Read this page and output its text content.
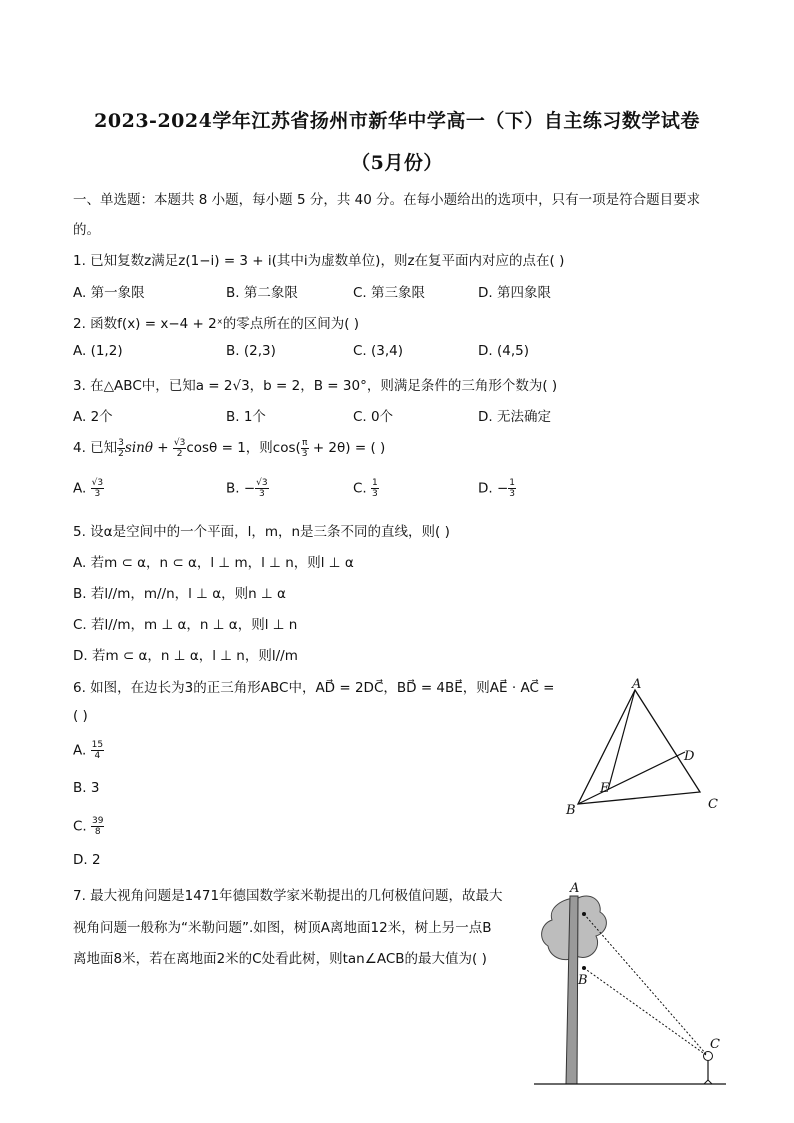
2023-2024学年江苏省扬州市新华中学高一（下）自主练习数学试卷
（5月份）
一、单选题：本题共 8 小题，每小题 5 分，共 40 分。在每小题给出的选项中，只有一项是符合题目要求
的。
1. 已知复数z满足z(1−i) = 3 + i(其中i为虚数单位)，则z在复平面内对应的点在( )
A. 第一象限	B. 第二象限	C. 第三象限	D. 第四象限
2. 函数f(x) = x−4 + 2ˣ的零点所在的区间为( )
A. (1,2)	B. (2,3)	C. (3,4)	D. (4,5)
3. 在△ABC中，已知a = 2√3，b = 2，B = 30°，则满足条件的三角形个数为( )
A. 2个	B. 1个	C. 0个	D. 无法确定
4. 已知 $\frac{3}{2}$ $\sin\theta + \frac{√3}{2}$ cosθ = 1，则$\cos( \frac{\pi}{3} + 2\theta)$ = ( )
A. $\frac{√3}{3}$	B. − $\frac{√3}{3}$	C. $\frac{1}{3}$	D. − $\frac{1}{3}$
5. 设α是空间中的一个平面，l，m，n是三条不同的直线，则( )
A. 若m ⊂ α，n ⊂ α，l ⊥ m，l ⊥ n，则l ⊥ α
B. 若l//m，m//n，l ⊥ α，则n ⊥ α
C. 若l//m，m ⊥ α，n ⊥ α，则l ⊥ n
D. 若m ⊂ α，n ⊥ α，l ⊥ n，则l//m
6. 如图，在边长为3的正三角形ABC中，AD⃗ = 2DC⃗，BD⃗ = 4BE⃗，则AE⃗ · AC⃗ =
( )
A. $\frac{15}{4}$
B. 3
C. $\frac{39}{8}$
D. 2
A
B	C
D
E
7. 最大视角问题是1471年德国数学家米勒提出的几何极值问题，故最大
视角问题一般称为“米勒问题”.如图，树顶A离地面12米，树上另一点B
离地面8米，若在离地面2米的C处看此树，则tan∠ACB的最大值为( )
A
B
C
